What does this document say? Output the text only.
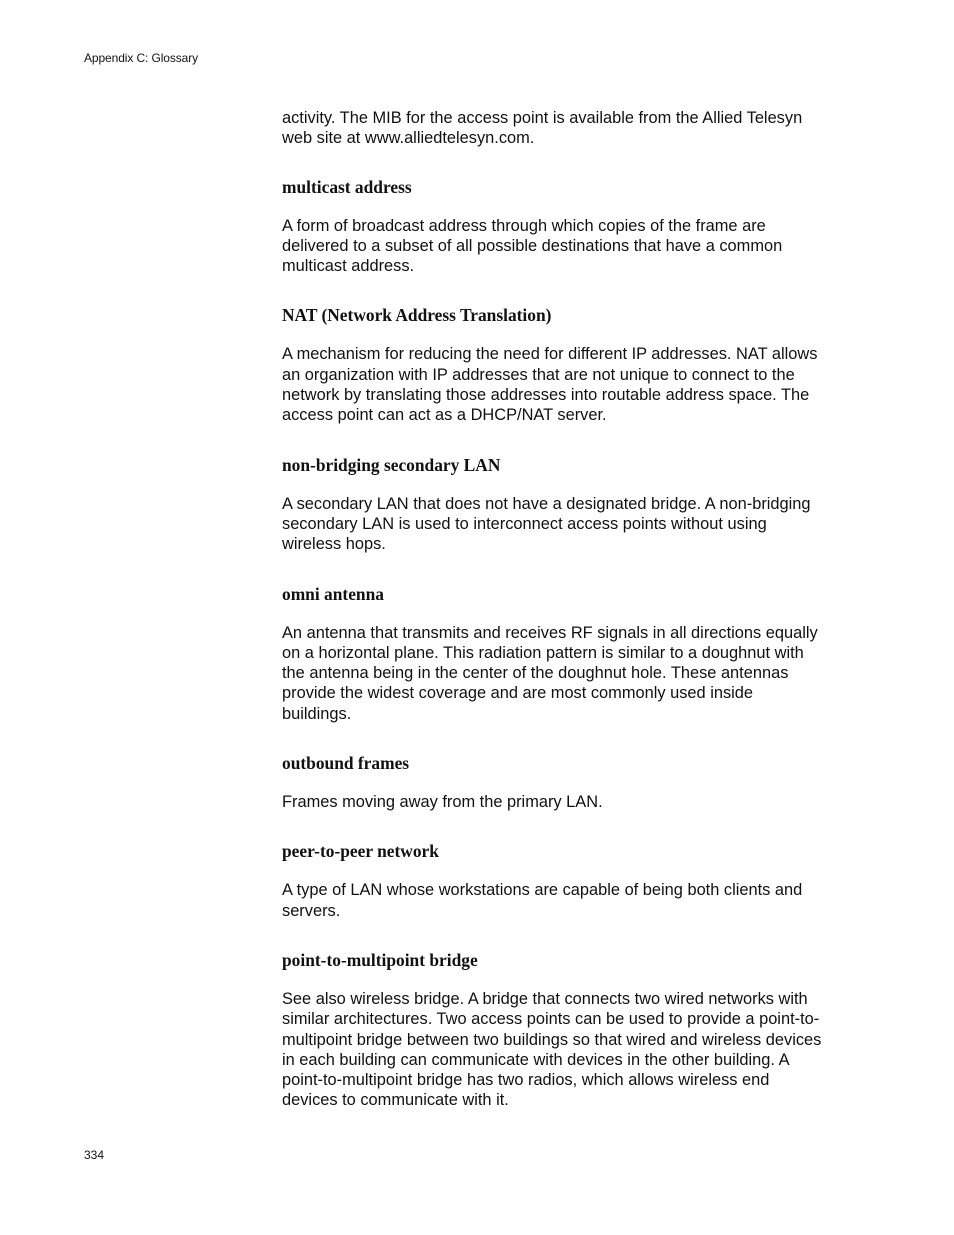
Appendix C: Glossary

activity. The MIB for the access point is available from the Allied Telesyn
web site at www.alliedtelesyn.com.

multicast address

A form of broadcast address through which copies of the frame are
delivered to a subset of all possible destinations that have a common
multicast address.

NAT (Network Address Translation)

A mechanism for reducing the need for different IP addresses. NAT allows
an organization with IP addresses that are not unique to connect to the
network by translating those addresses into routable address space. The
access point can act as a DHCP/NAT server.

non-bridging secondary LAN

A secondary LAN that does not have a designated bridge. A non-bridging
secondary LAN is used to interconnect access points without using
wireless hops.

omni antenna

An antenna that transmits and receives RF signals in all directions equally
on a horizontal plane. This radiation pattern is similar to a doughnut with
the antenna being in the center of the doughnut hole. These antennas
provide the widest coverage and are most commonly used inside
buildings.

outbound frames

Frames moving away from the primary LAN.

peer-to-peer network

A type of LAN whose workstations are capable of being both clients and
servers.

point-to-multipoint bridge

See also wireless bridge. A bridge that connects two wired networks with
similar architectures. Two access points can be used to provide a point-to-
multipoint bridge between two buildings so that wired and wireless devices
in each building can communicate with devices in the other building. A
point-to-multipoint bridge has two radios, which allows wireless end
devices to communicate with it.

334
